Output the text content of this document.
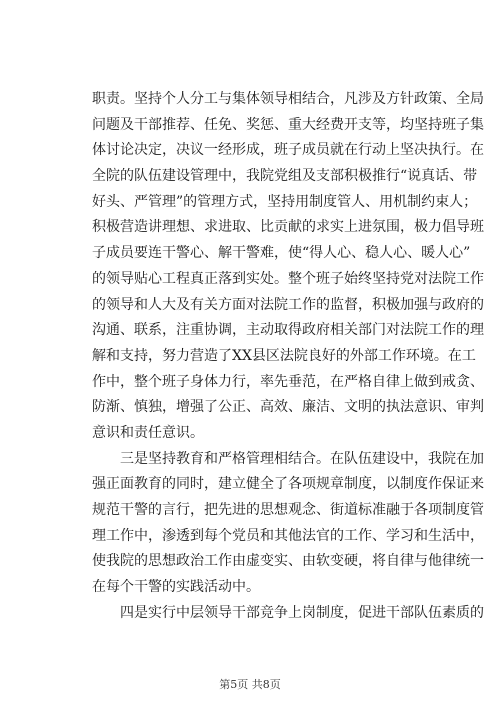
职责。坚持个人分工与集体领导相结合，凡涉及方针政策、全局
问题及干部推荐、任免、奖惩、重大经费开支等，均坚持班子集
体讨论决定，决议一经形成，班子成员就在行动上坚决执行。在
全院的队伍建设管理中，我院党组及支部积极推行“说真话、带
好头、严管理”的管理方式，坚持用制度管人、用机制约束人；
积极营造讲理想、求进取、比贡献的求实上进氛围，极力倡导班
子成员要连干警心、解干警难，使“得人心、稳人心、暖人心”
的领导贴心工程真正落到实处。整个班子始终坚持党对法院工作
的领导和人大及有关方面对法院工作的监督，积极加强与政府的
沟通、联系，注重协调，主动取得政府相关部门对法院工作的理
解和支持，努力营造了XX县区法院良好的外部工作环境。在工
作中，整个班子身体力行，率先垂范，在严格自律上做到戒贪、
防渐、慎独，增强了公正、高效、廉洁、文明的执法意识、审判
意识和责任意识。
　　三是坚持教育和严格管理相结合。在队伍建设中，我院在加
强正面教育的同时，建立健全了各项规章制度，以制度作保证来
规范干警的言行，把先进的思想观念、街道标准融于各项制度管
理工作中，渗透到每个党员和其他法官的工作、学习和生活中，
使我院的思想政治工作由虚变实、由软变硬，将自律与他律统一
在每个干警的实践活动中。
　　四是实行中层领导干部竞争上岗制度，促进干部队伍素质的
第5页 共8页
